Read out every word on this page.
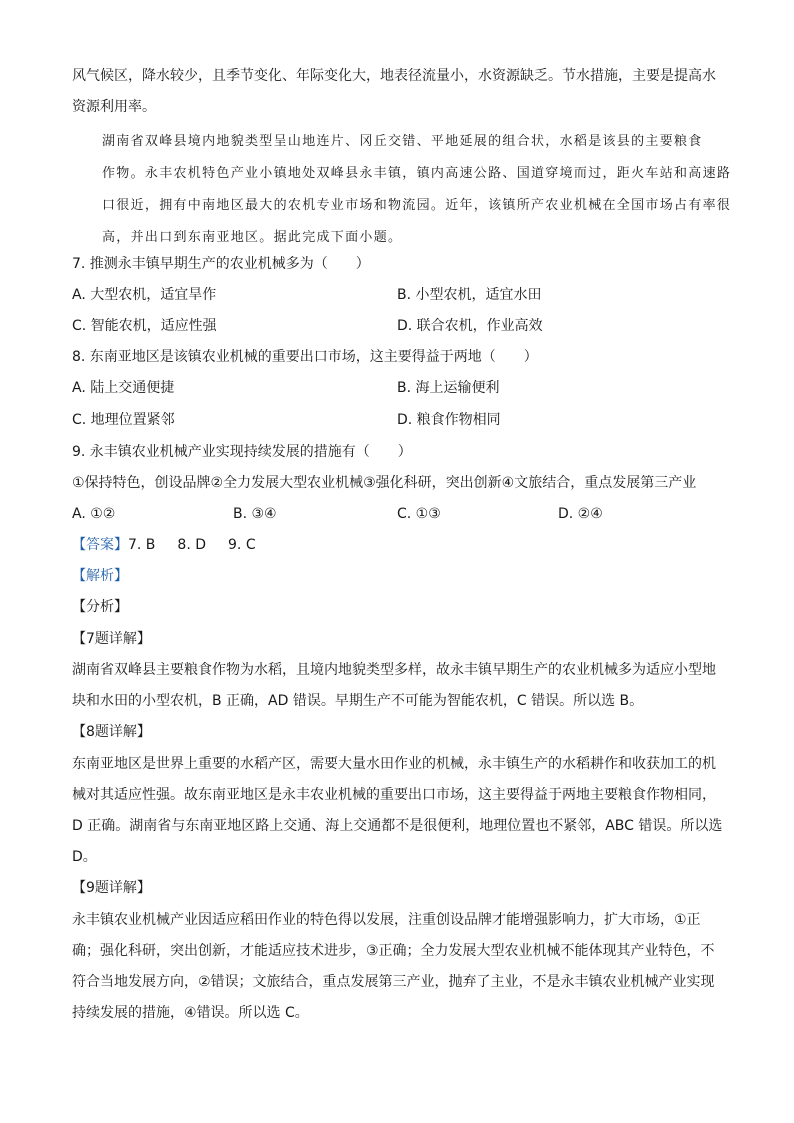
风气候区，降水较少，且季节变化、年际变化大，地表径流量小，水资源缺乏。节水措施，主要是提高水
资源利用率。
湖南省双峰县境内地貌类型呈山地连片、冈丘交错、平地延展的组合状，水稻是该县的主要粮食
作物。永丰农机特色产业小镇地处双峰县永丰镇，镇内高速公路、国道穿境而过，距火车站和高速路
口很近，拥有中南地区最大的农机专业市场和物流园。近年，该镇所产农业机械在全国市场占有率很
高，并出口到东南亚地区。据此完成下面小题。
7. 推测永丰镇早期生产的农业机械多为（　　）
A. 大型农机，适宜旱作	B. 小型农机，适宜水田
C. 智能农机，适应性强	D. 联合农机，作业高效
8. 东南亚地区是该镇农业机械的重要出口市场，这主要得益于两地（　　）
A. 陆上交通便捷	B. 海上运输便利
C. 地理位置紧邻	D. 粮食作物相同
9. 永丰镇农业机械产业实现持续发展的措施有（　　）
①保持特色，创设品牌②全力发展大型农业机械③强化科研，突出创新④文旅结合，重点发展第三产业
A. ①②	B. ③④	C. ①③	D. ②④
【答案】7. B 8. D 9. C
【解析】
【分析】
【7题详解】
湖南省双峰县主要粮食作物为水稻，且境内地貌类型多样，故永丰镇早期生产的农业机械多为适应小型地
块和水田的小型农机，B 正确，AD 错误。早期生产不可能为智能农机，C 错误。所以选 B。
【8题详解】
东南亚地区是世界上重要的水稻产区，需要大量水田作业的机械，永丰镇生产的水稻耕作和收获加工的机
械对其适应性强。故东南亚地区是永丰农业机械的重要出口市场，这主要得益于两地主要粮食作物相同，
D 正确。湖南省与东南亚地区路上交通、海上交通都不是很便利，地理位置也不紧邻，ABC 错误。所以选
D。
【9题详解】
永丰镇农业机械产业因适应稻田作业的特色得以发展，注重创设品牌才能增强影响力，扩大市场，①正
确；强化科研，突出创新，才能适应技术进步，③正确；全力发展大型农业机械不能体现其产业特色，不
符合当地发展方向，②错误；文旅结合，重点发展第三产业，抛弃了主业，不是永丰镇农业机械产业实现
持续发展的措施，④错误。所以选 C。
